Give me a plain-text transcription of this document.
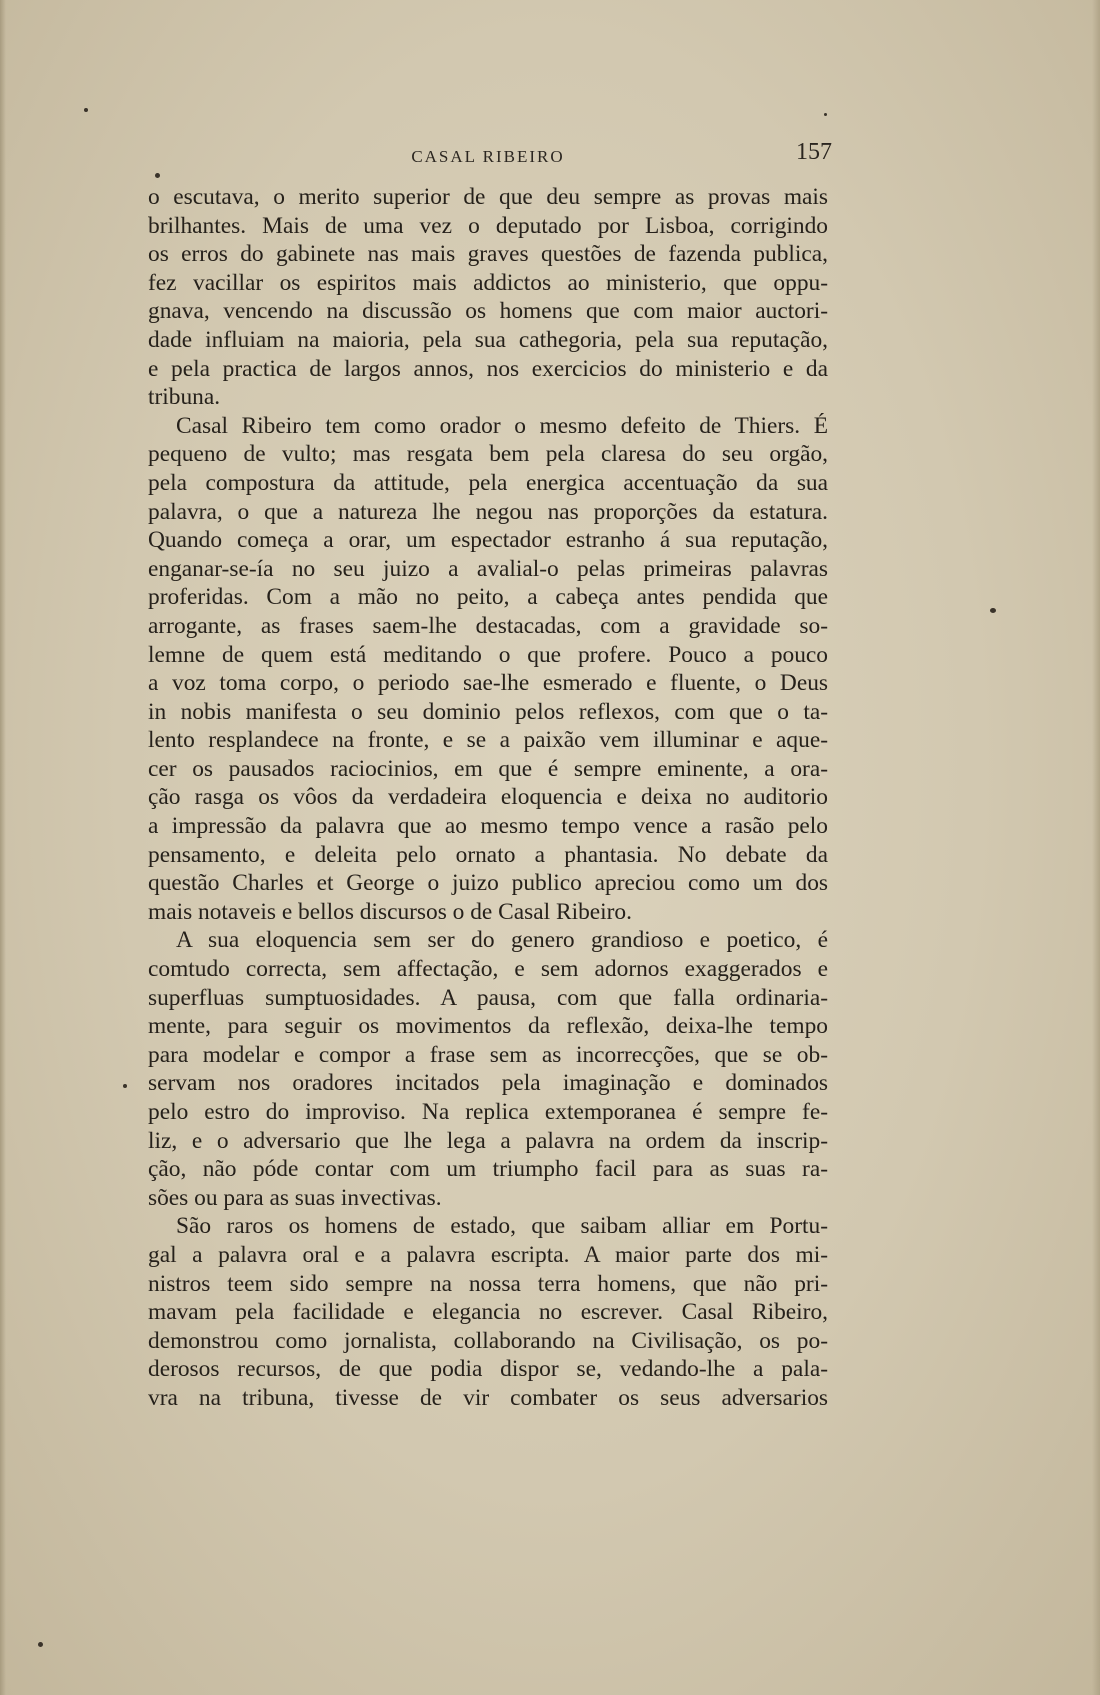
CASAL RIBEIRO	157
o escutava, o merito superior de que deu sempre as provas mais
brilhantes. Mais de uma vez o deputado por Lisboa, corrigindo
os erros do gabinete nas mais graves questões de fazenda publica,
fez vacillar os espiritos mais addictos ao ministerio, que oppu-
gnava, vencendo na discussão os homens que com maior auctori-
dade influiam na maioria, pela sua cathegoria, pela sua reputação,
e pela practica de largos annos, nos exercicios do ministerio e da
tribuna.
Casal Ribeiro tem como orador o mesmo defeito de Thiers. É
pequeno de vulto; mas resgata bem pela claresa do seu orgão,
pela compostura da attitude, pela energica accentuação da sua
palavra, o que a natureza lhe negou nas proporções da estatura.
Quando começa a orar, um espectador estranho á sua reputação,
enganar-se-ía no seu juizo a avalial-o pelas primeiras palavras
proferidas. Com a mão no peito, a cabeça antes pendida que
arrogante, as frases saem-lhe destacadas, com a gravidade so-
lemne de quem está meditando o que profere. Pouco a pouco
a voz toma corpo, o periodo sae-lhe esmerado e fluente, o Deus
in nobis manifesta o seu dominio pelos reflexos, com que o ta-
lento resplandece na fronte, e se a paixão vem illuminar e aque-
cer os pausados raciocinios, em que é sempre eminente, a ora-
ção rasga os vôos da verdadeira eloquencia e deixa no auditorio
a impressão da palavra que ao mesmo tempo vence a rasão pelo
pensamento, e deleita pelo ornato a phantasia. No debate da
questão Charles et George o juizo publico apreciou como um dos
mais notaveis e bellos discursos o de Casal Ribeiro.
A sua eloquencia sem ser do genero grandioso e poetico, é
comtudo correcta, sem affectação, e sem adornos exaggerados e
superfluas sumptuosidades. A pausa, com que falla ordinaria-
mente, para seguir os movimentos da reflexão, deixa-lhe tempo
para modelar e compor a frase sem as incorrecções, que se ob-
servam nos oradores incitados pela imaginação e dominados
pelo estro do improviso. Na replica extemporanea é sempre fe-
liz, e o adversario que lhe lega a palavra na ordem da inscrip-
ção, não póde contar com um triumpho facil para as suas ra-
sões ou para as suas invectivas.
São raros os homens de estado, que saibam alliar em Portu-
gal a palavra oral e a palavra escripta. A maior parte dos mi-
nistros teem sido sempre na nossa terra homens, que não pri-
mavam pela facilidade e elegancia no escrever. Casal Ribeiro,
demonstrou como jornalista, collaborando na Civilisação, os po-
derosos recursos, de que podia dispor se, vedando-lhe a pala-
vra na tribuna, tivesse de vir combater os seus adversarios
